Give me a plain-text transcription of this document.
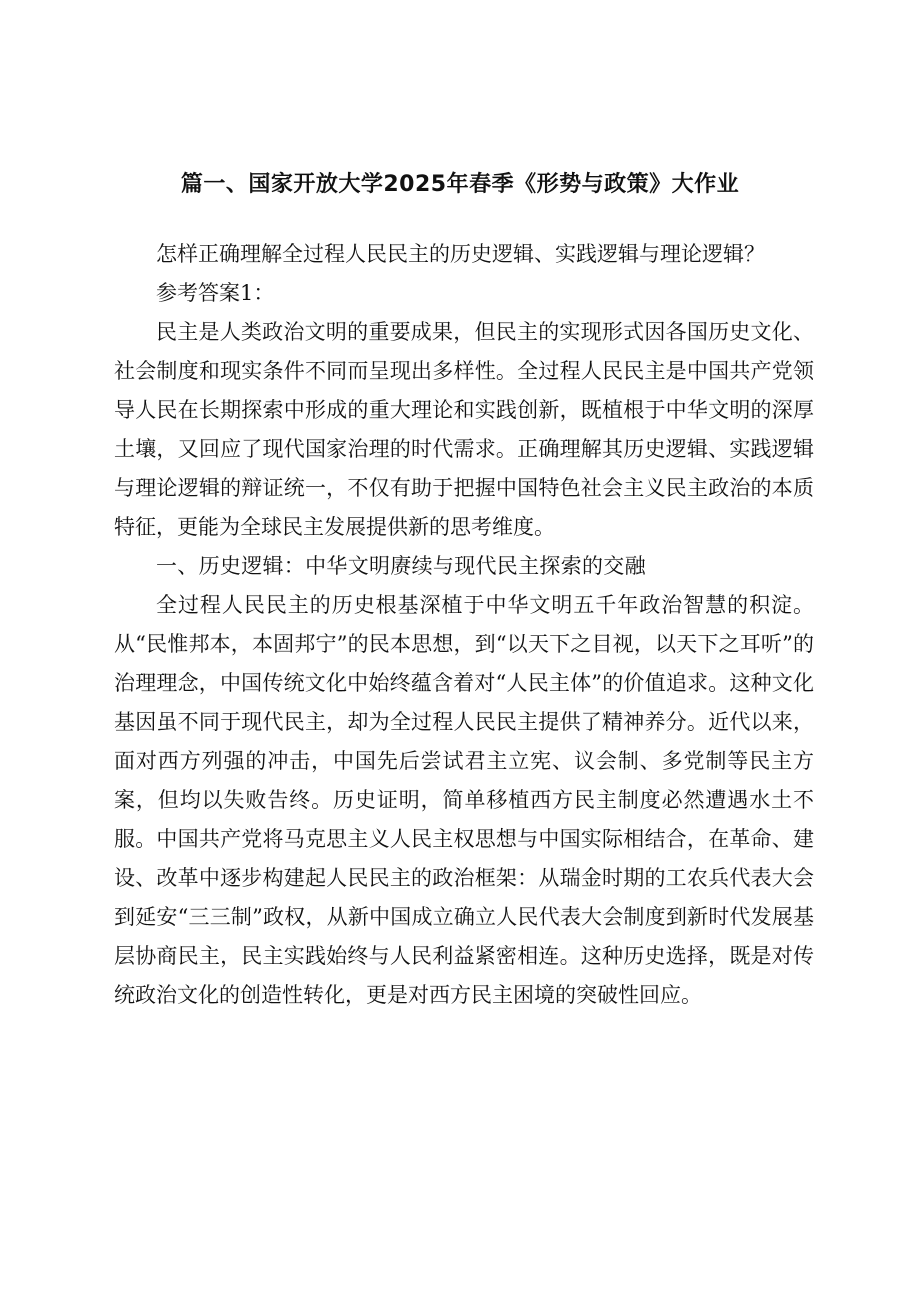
篇一、国家开放大学2025年春季《形势与政策》大作业

怎样正确理解全过程人民民主的历史逻辑、实践逻辑与理论逻辑？

参考答案1：

民主是人类政治文明的重要成果，但民主的实现形式因各国历史文化、社会制度和现实条件不同而呈现出多样性。全过程人民民主是中国共产党领导人民在长期探索中形成的重大理论和实践创新，既植根于中华文明的深厚土壤，又回应了现代国家治理的时代需求。正确理解其历史逻辑、实践逻辑与理论逻辑的辩证统一，不仅有助于把握中国特色社会主义民主政治的本质特征，更能为全球民主发展提供新的思考维度。

一、历史逻辑：中华文明赓续与现代民主探索的交融

全过程人民民主的历史根基深植于中华文明五千年政治智慧的积淀。从“民惟邦本，本固邦宁”的民本思想，到“以天下之目视，以天下之耳听”的治理理念，中国传统文化中始终蕴含着对“人民主体”的价值追求。这种文化基因虽不同于现代民主，却为全过程人民民主提供了精神养分。近代以来，面对西方列强的冲击，中国先后尝试君主立宪、议会制、多党制等民主方案，但均以失败告终。历史证明，简单移植西方民主制度必然遭遇水土不服。中国共产党将马克思主义人民主权思想与中国实际相结合，在革命、建设、改革中逐步构建起人民民主的政治框架：从瑞金时期的工农兵代表大会到延安“三三制”政权，从新中国成立确立人民代表大会制度到新时代发展基层协商民主，民主实践始终与人民利益紧密相连。这种历史选择，既是对传统政治文化的创造性转化，更是对西方民主困境的突破性回应。
